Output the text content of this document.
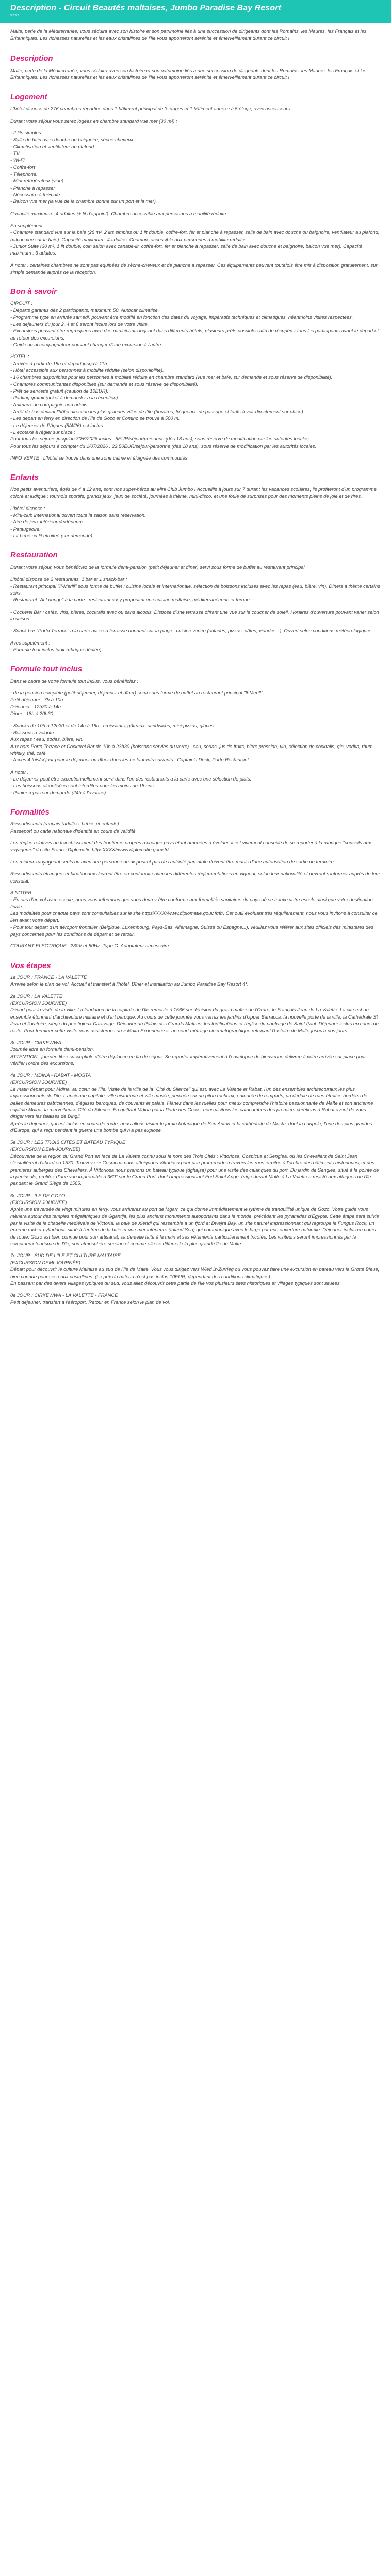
Description - Circuit Beautés maltaises, Jumbo Paradise Bay Resort
****

Malte, perle de la Méditerranée, vous séduira avec son histoire et son patrimoine liés à une succession de dirigeants dont les Romains, les Maures, les Français et les Britanniques. Les richesses naturelles et les eaux cristallines de l'île vous apporteront sérénité et émerveillement durant ce circuit !

Description
Malte, perle de la Méditerranée, vous séduira avec son histoire et son patrimoine liés à une succession de dirigeants dont les Romains, les Maures, les Français et les Britanniques. Les richesses naturelles et les eaux cristallines de l'île vous apporteront sérénité et émerveillement durant ce circuit !
Logement
L'hôtel dispose de 276 chambres réparties dans 1 bâtiment principal de 3 étages et 1 bâtiment annexe à 5 étage, avec ascenseurs.
Durant votre séjour vous serez logées en chambre standard vue mer (30 m²) :
- 2 lits simples.
- Salle de bain avec douche ou baignoire, sèche-cheveux.
- Climatisation et ventilateur au plafond
- TV
- Wi-Fi.
- Coffre-fort
- Téléphone.
- Mini-réfrigérateur (vide).
- Planche à repasser
- Nécessaire à thé/café.
- Balcon vue mer (la vue de la chambre donne sur un port et la mer).
Capacité maximum : 4 adultes (+ lit d'appoint). Chambre accessible aux personnes à mobilité réduite.
En supplément :
- Chambre standard vue sur la baie (28 m², 2 lits simples ou 1 lit double, coffre-fort, fer et planche à repasser, salle de bain avec douche ou baignoire, ventilateur au plafond, balcon vue sur la baie). Capacité maximum : 4 adultes. Chambre accessible aux personnes à mobilité réduite.
- Junior Suite (30 m², 1 lit double, coin salon avec canapé-lit, coffre-fort, fer et planche à repasser, salle de bain avec douche et baignoire, balcon vue mer). Capacité maximum : 3 adultes.
À noter : certaines chambres ne sont pas équipées de sèche-cheveux et de planche à repasser. Ces équipements peuvent toutefois être mis à disposition gratuitement, sur simple demande auprès de la réception.
Bon à savoir
CIRCUIT :
- Départs garantis dès 2 participants, maximum 50. Autocar climatisé.
- Programme type en arrivée samedi, pouvant être modifié en fonction des dates du voyage, impératifs techniques et climatiques, néanmoins visites respectées.
- Les déjeuners du jour 2, 4 et 6 seront inclus lors de votre visite.
- Excursions pouvant être regroupées avec des participants logeant dans différents hôtels, plusieurs prêts possibles afin de récupérer tous les participants avant le départ et au retour des excursions.
- Guide ou accompagnateur pouvant changer d'une excursion à l'autre.
HOTEL :
- Arrivée à partir de 15h et départ jusqu'à 11h.
- Hôtel accessible aux personnes à mobilité réduite (selon disponibilité).
- 16 chambres disponibles pour les personnes à mobilité réduite en chambre standard (vue mer et baie, sur demande et sous réserve de disponibilité).
- Chambres communicantes disponibles (sur demande et sous réserve de disponibilité).
- Prêt de serviette gratuit (caution de 10EUR).
- Parking gratuit (ticket à demander à la réception).
- Animaux de compagnie non admis.
- Arrêt de bus devant l'hôtel direction les plus grandes villes de l'île (horaires, fréquence de passage et tarifs à voir directement sur place).
- Les départ en ferry en direction de l'île de Gozo et Comino se trouve à 500 m.
- Le déjeuner de Pâques (5/4/26) est inclus.
- L'ecotaxe à régler sur place :
Pour tous les séjours jusqu'au 30/6/2026 inclus : 5EUR/séjour/personne (dès 18 ans), sous réserve de modification par les autorités locales.
Pour tous les séjours à compter du 1/07/2026 : 22,50EUR/séjour/personne (dès 18 ans), sous réserve de modification par les autorités locales.
INFO VERTE : L'hôtel se trouve dans une zone calme et éloignée des commodités.
Enfants
Nos petits aventuriers, âgés de 4 à 12 ans, sont nos super-héros au Mini Club Jumbo ! Accueillis à jours sur 7 durant les vacances scolaires, ils profiteront d'un programme coloré et ludique : tournois sportifs, grands jeux, jeux de société, journées à thème, mini-disco, et une foule de surprises pour des moments pleins de joie et de rires.
L'hôtel dispose :
- Mini-club international ouvert toute la saison sans réservation.
- Aire de jeux intérieure/extérieure.
- Pataugeoire.
- Lit bébé ou lit étroiteé (sur demande).
Restauration
Durant votre séjour, vous bénéficiez de la formule demi-pension (petit déjeuner et dîner) servi sous forme de buffet au restaurant principal.
L'hôtel dispose de 2 restaurants, 1 bar et 1 snack-bar :
- Restaurant principal "Il-Merill" sous forme de buffet : cuisine locale et internationale, sélection de boissons incluses avec les repas (eau, bière, vin). Dîners à thème certains soirs.
- Restaurant "Al Lounge" à la carte : restaurant cosy proposant une cuisine maltaise, méditerranéenne et turque.
- Cockerel Bar : cafés, vins, bières, cocktails avec ou sans alcools. Dispose d'une terrasse offrant une vue sur le coucher de soleil. Horaires d'ouverture pouvant varier selon la saison.
- Snack bar "Porto Terrace" à la carte avec sa terrasse donnant sur la plage : cuisine variée (salades, pizzas, pâtes, viandes...). Ouvert selon conditions météorologiques.
Avec supplément :
- Formule tout inclus (voir rubrique dédiée).
Formule tout inclus
Dans le cadre de votre formule tout inclus, vous bénéficiez :
- de la pension complète (petit-déjeuner, déjeuner et dîner) servi sous forme de buffet au restaurant principal "Il-Merill".
Petit déjeuner : 7h à 10h
Déjeuner : 12h30 à 14h
Dîner : 18h à 20h30
- Snacks de 10h à 12h30 et de 14h à 18h : croissants, gâteaux, sandwichs, mini-pizzas, glaces.
- Boissons à volonté :
Aux repas : eau, sodas, bière, vin.
Aux bars Porto Terrace et Cockerel Bar de 10h à 23h30 (boissons servies au verre) : eau, sodas, jus de fruits, bière pression, vin, sélection de cocktails, gin, vodka, rhum, whisky, thé, café.
- Accès 4 fois/séjour pour le déjeuner ou dîner dans les restaurants suivants : Captain's Deck, Porto Restaurant.
À noter :
- Le déjeuner peut être exceptionnellement servi dans l'un des restaurants à la carte avec une sélection de plats.
- Les boissons alcoolisées sont interdites pour les moins de 18 ans.
- Panier repas sur demande (24h à l'avance).
Formalités
Ressortissants français (adultes, bébés et enfants) :
Passeport ou carte nationale d'identité en cours de validité.
Les règles relatives au franchissement des frontières propres à chaque pays étant amenées à évoluer, il est vivement conseillé de se reporter à la rubrique "conseils aux voyageurs" du site France Diplomatie,httpsXXXX//www.diplomatie.gouv.fr/.
Les mineurs voyageant seuls ou avec une personne ne disposant pas de l'autorité parentale doivent être munis d'une autorisation de sortie de territoire.
Ressortissants étrangers et binationaux devront être en conformité avec les différentes réglementations en vigueur, selon leur nationalité et devront s'informer auprès de leur consulat.
A NOTER :
- En cas d'un vol avec escale, nous vous informons que vous devrez être conforme aux formalités sanitaires du pays où se trouve votre escale ainsi que votre destination finale.
Les modalités pour chaque pays sont consultables sur le site httpsXXXX//www.diplomatie.gouv.fr/fr/. Cet outil évoluant très régulièrement, nous vous invitons à consulter ce lien avant votre départ.
- Pour tout départ d'un aéroport frontalier (Belgique, Luxembourg, Pays-Bas, Allemagne, Suisse ou Espagne...), veuillez vous référer aux sites officiels des ministères des pays concernés pour les conditions de départ et de retour.
COURANT ELECTRIQUE : 230V et 50Hz. Type G. Adaptateur nécessaire.
Vos étapes
1e JOUR : FRANCE - LA VALETTE
Arrivée selon le plan de vol. Accueil et transfert à l'hôtel. Dîner et installation au Jumbo Paradise Bay Resort 4*.
2e JOUR : LA VALETTE
(EXCURSION JOURNÉE)
Départ pour la visite de la ville. La fondation de la capitale de l'île remonte à 1566 sur décision du grand maître de l'Ordre, le Français Jean de La Valette. La cité est un ensemble étonnant d'architecture militaire et d'art baroque. Au cours de cette journée vous verrez les jardins d'Upper Barracca, la nouvelle porte de la ville, la Cathédrale St Jean et l'oratoire, siège du prestigieux Caravage. Déjeuner au Palais des Grands Maîtres, les fortifications et l'église du naufrage de Saint Paul. Déjeuner inclus en cours de route. Pour terminer cette visite nous assisterons au « Malta Experience », un court métrage cinématographique retraçant l'histoire de Malte jusqu'à nos jours.
3e JOUR : CIRKEWWA
Journée libre en formule demi-pension.
ATTENTION : journée libre susceptible d'être déplacée en fin de séjour. Se reporter impérativement à l'enveloppe de bienvenue délivrée à votre arrivée sur place pour vérifier l'ordre des excursions.
4e JOUR : MDINA - RABAT - MOSTA
(EXCURSION JOURNÉE)
Le matin départ pour Mdina, au cœur de l'île. Visite de la ville de la "Cité du Silence" qui est, avec La Valette et Rabat, l'un des ensembles architecturaux les plus impressionnants de l'île. L'ancienne capitale, ville historique et ville musée, perchée sur un piton rocheux, entourée de remparts, un dédale de rues étroites bordées de belles demeures patriciennes, d'églises baroques, de couvents et palais. Flânez dans les ruelles pour mieux comprendre l'histoire passionnante de Malte et son ancienne capitale Mdina, la merveilleuse Cité du Silence. En quittant Mdina par la Porte des Grecs, nous visitons les catacombes des premiers chrétiens à Rabat avant de vous diriger vers les falaises de Dingli.
Après le déjeuner, qui est inclus en cours de route, nous allons visiter le jardin botanique de San Anton et la cathédrale de Mosta, dont la coupole, l'une des plus grandes d'Europe, qui a reçu pendant la guerre une bombe qui n'a pas explosé.
5e JOUR : LES TROIS CITÉS ET BATEAU TYPIQUE
(EXCURSION DEMI-JOURNÉE)
Découverte de la région du Grand Port en face de La Valette connu sous le nom des Trois Cités : Vittoriosa, Cospicua et Senglea, où les Chevaliers de Saint Jean s'installèrent d'abord en 1530. Trouvez sur Cospicua nous atteignons Vittoriosa pour une promenade à travers les rues étroites à l'ombre des bâtiments historiques, et des premières auberges des Chevaliers. À Vittoriosa nous prenons un bateau typique (dghajsa) pour une visite des calanques du port. Du jardin de Senglea, situé à la pointe de la péninsule, profitez d'une vue imprenable à 360° sur le Grand Port, dont l'impressionnant Fort Saint Ange, érigé durant Malte à La Valette a résisté aux attaques de l'île pendant le Grand Siège de 1565.
6e JOUR : ILE DE GOZO
(EXCURSION JOURNÉE)
Après une traversée de vingt minutes en ferry, vous arriverez au port de Mgarr, ce qui donne immédiatement le rythme de tranquillité unique de Gozo. Votre guide vous mènera autour des temples mégalithiques de Ggantija, les plus anciens monuments autoportants dans le monde, précédant les pyramides d'Égypte. Cette étape sera suivie par la visite de la citadelle médiévale de Victoria, la baie de Xlendi qui ressemble à un fjord et Dwejra Bay, un site naturel impressionnant qui regroupe le Fungus Rock, un énorme rocher cylindrique situé à l'entrée de la baie et une mer intérieure (Inland Sea) qui communique avec le large par une ouverture naturelle. Déjeuner inclus en cours de route. Gozo est bien connue pour son artisanat, sa dentelle faite à la main et ses vêtements particulièrement tricotés. Les visiteurs seront impressionnés par le somptueux tourisme de l'île, son atmosphère sereine et comme elle se diffère de la plus grande île de Malte.
7e JOUR : SUD DE L'ILE ET CULTURE MALTAISE
(EXCURSION DEMI-JOURNÉE)
Départ pour découvrir le culture Maltaise au sud de l'île de Malte. Vous vous dirigez vers Wied iz-Zurrieg où vous pouvez faire une excursion en bateau vers la Grotte Bleue, bien connue pour ses eaux cristallines. (Le prix du bateau n'est pas inclus 10EUR, dépendant des conditions climatiques)
En passant par des divers villages typiques du sud, vous allez découvrir cette partie de l'île vos plusieurs sites historiques et villages typiques sont situées.
8e JOUR : CIRKEWWA - LA VALETTE - FRANCE
Petit déjeuner, transfert à l'aéroport. Retour en France selon le plan de vol.
